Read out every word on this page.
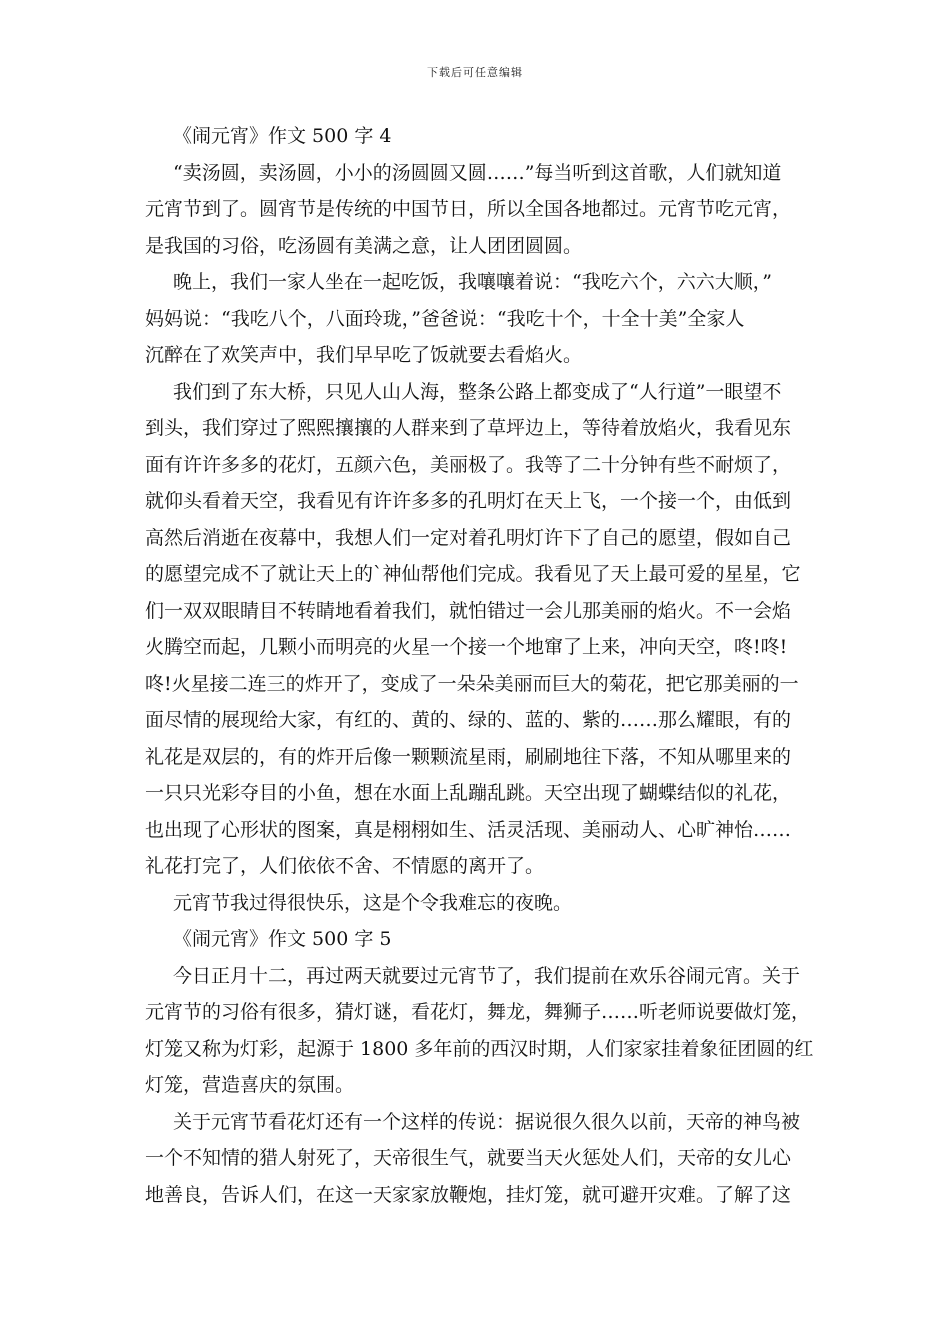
下载后可任意编辑

《闹元宵》作文 500 字 4

“卖汤圆，卖汤圆，小小的汤圆圆又圆……”每当听到这首歌，人们就知道
元宵节到了。圆宵节是传统的中国节日，所以全国各地都过。元宵节吃元宵，
是我国的习俗，吃汤圆有美满之意，让人团团圆圆。

晚上，我们一家人坐在一起吃饭，我嚷嚷着说：“我吃六个，六六大顺，”
妈妈说：“我吃八个，八面玲珑，”爸爸说：“我吃十个，十全十美”全家人
沉醉在了欢笑声中，我们早早吃了饭就要去看焰火。

我们到了东大桥，只见人山人海，整条公路上都变成了“人行道”一眼望不
到头，我们穿过了熙熙攘攘的人群来到了草坪边上，等待着放焰火，我看见东
面有许许多多的花灯，五颜六色，美丽极了。我等了二十分钟有些不耐烦了，
就仰头看着天空，我看见有许许多多的孔明灯在天上飞，一个接一个，由低到
高然后消逝在夜幕中，我想人们一定对着孔明灯许下了自己的愿望，假如自己
的愿望完成不了就让天上的`神仙帮他们完成。我看见了天上最可爱的星星，它
们一双双眼睛目不转睛地看着我们，就怕错过一会儿那美丽的焰火。不一会焰
火腾空而起，几颗小而明亮的火星一个接一个地窜了上来，冲向天空，咚!咚!
咚!火星接二连三的炸开了，变成了一朵朵美丽而巨大的菊花，把它那美丽的一
面尽情的展现给大家，有红的、黄的、绿的、蓝的、紫的……那么耀眼，有的
礼花是双层的，有的炸开后像一颗颗流星雨，刷刷地往下落，不知从哪里来的
一只只光彩夺目的小鱼，想在水面上乱蹦乱跳。天空出现了蝴蝶结似的礼花，
也出现了心形状的图案，真是栩栩如生、活灵活现、美丽动人、心旷神怡……
礼花打完了，人们依依不舍、不情愿的离开了。

元宵节我过得很快乐，这是个令我难忘的夜晚。

《闹元宵》作文 500 字 5

今日正月十二，再过两天就要过元宵节了，我们提前在欢乐谷闹元宵。关于
元宵节的习俗有很多，猜灯谜，看花灯，舞龙，舞狮子……听老师说要做灯笼，
灯笼又称为灯彩，起源于 1800 多年前的西汉时期，人们家家挂着象征团圆的红
灯笼，营造喜庆的氛围。

关于元宵节看花灯还有一个这样的传说：据说很久很久以前，天帝的神鸟被
一个不知情的猎人射死了，天帝很生气，就要当天火惩处人们，天帝的女儿心
地善良，告诉人们，在这一天家家放鞭炮，挂灯笼，就可避开灾难。了解了这
